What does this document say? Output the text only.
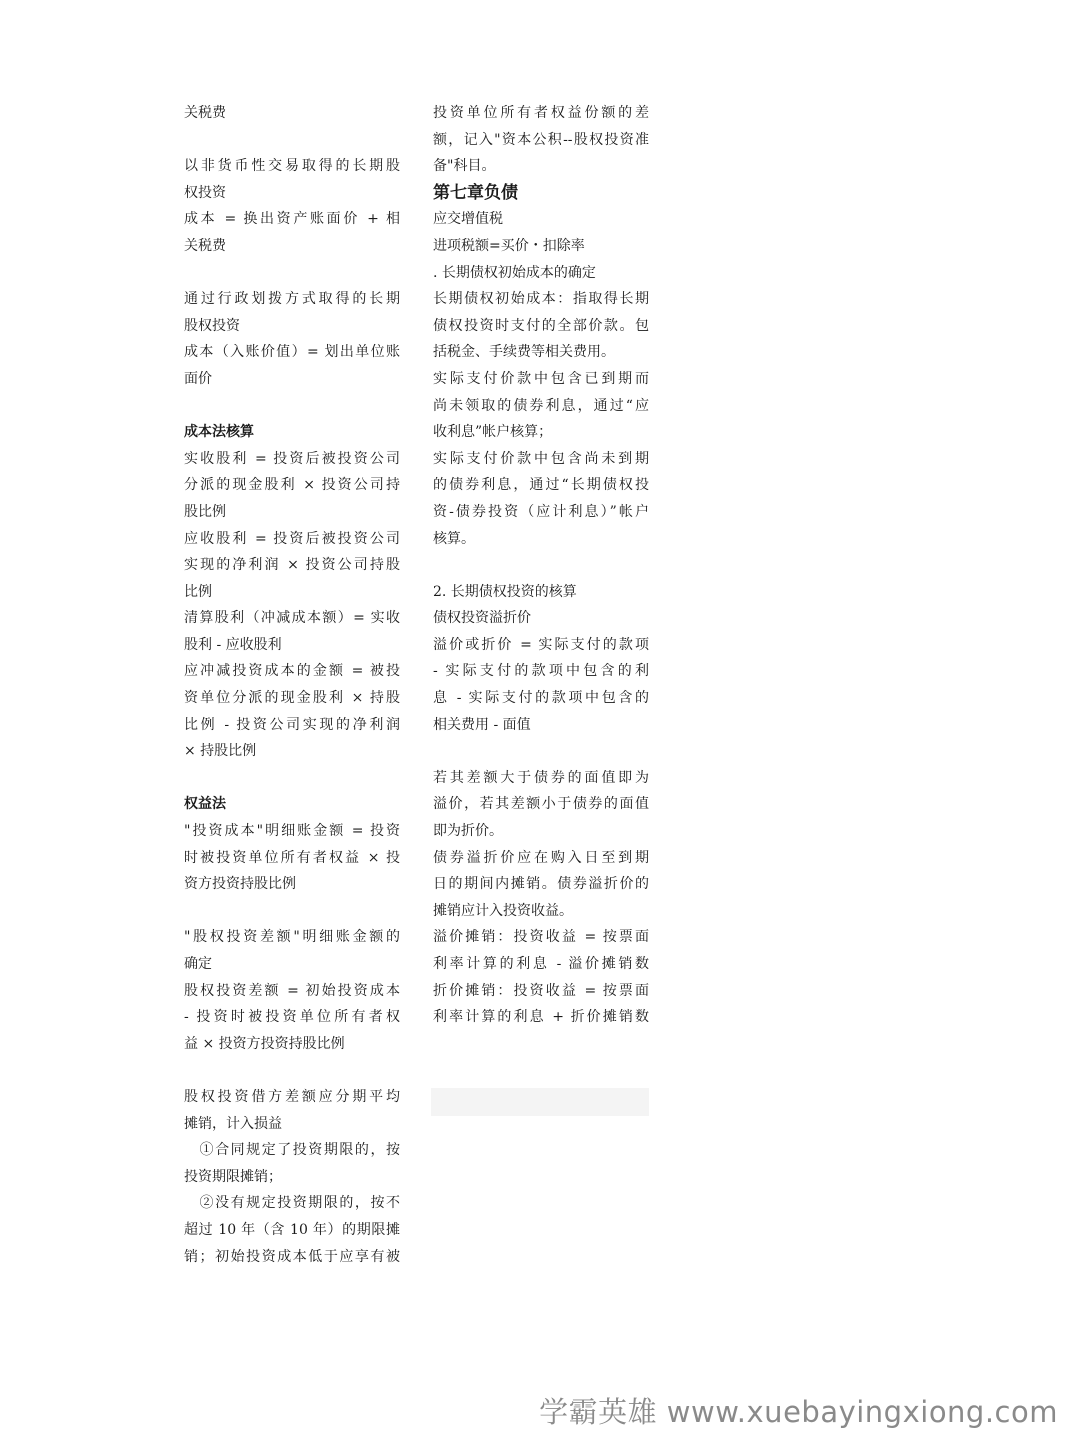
关税费
以非货币性交易取得的长期股
权投资
成本 = 换出资产账面价 + 相
关税费
通过行政划拨方式取得的长期
股权投资
成本（入账价值）= 划出单位账
面价
成本法核算
实收股利 = 投资后被投资公司
分派的现金股利 × 投资公司持
股比例
应收股利 = 投资后被投资公司
实现的净利润 × 投资公司持股
比例
清算股利（冲减成本额）= 实收
股利 - 应收股利
应冲减投资成本的金额 = 被投
资单位分派的现金股利 × 持股
比例 - 投资公司实现的净利润
× 持股比例
权益法
"投资成本"明细账金额 = 投资
时被投资单位所有者权益 × 投
资方投资持股比例
"股权投资差额"明细账金额的
确定
股权投资差额 = 初始投资成本
- 投资时被投资单位所有者权
益 × 投资方投资持股比例
股权投资借方差额应分期平均
摊销，计入损益
　①合同规定了投资期限的，按
投资期限摊销；
　②没有规定投资期限的，按不
超过 10 年（含 10 年）的期限摊
销；初始投资成本低于应享有被
投资单位所有者权益份额的差
额，记入"资本公积--股权投资准
备"科目。
第七章负债
应交增值税
进项税额=买价・扣除率
. 长期债权初始成本的确定
长期债权初始成本：指取得长期
债权投资时支付的全部价款。包
括税金、手续费等相关费用。
实际支付价款中包含已到期而
尚未领取的债券利息，通过“应
收利息”帐户核算；
实际支付价款中包含尚未到期
的债券利息，通过“长期债权投
资-债券投资（应计利息）”帐户
核算。
2. 长期债权投资的核算
债权投资溢折价
溢价或折价 = 实际支付的款项
- 实际支付的款项中包含的利
息 - 实际支付的款项中包含的
相关费用 - 面值
若其差额大于债券的面值即为
溢价，若其差额小于债券的面值
即为折价。
债券溢折价应在购入日至到期
日的期间内摊销。债券溢折价的
摊销应计入投资收益。
溢价摊销：投资收益 = 按票面
利率计算的利息 - 溢价摊销数
折价摊销：投资收益 = 按票面
利率计算的利息 + 折价摊销数
学霸英雄 www.xuebayingxiong.com
